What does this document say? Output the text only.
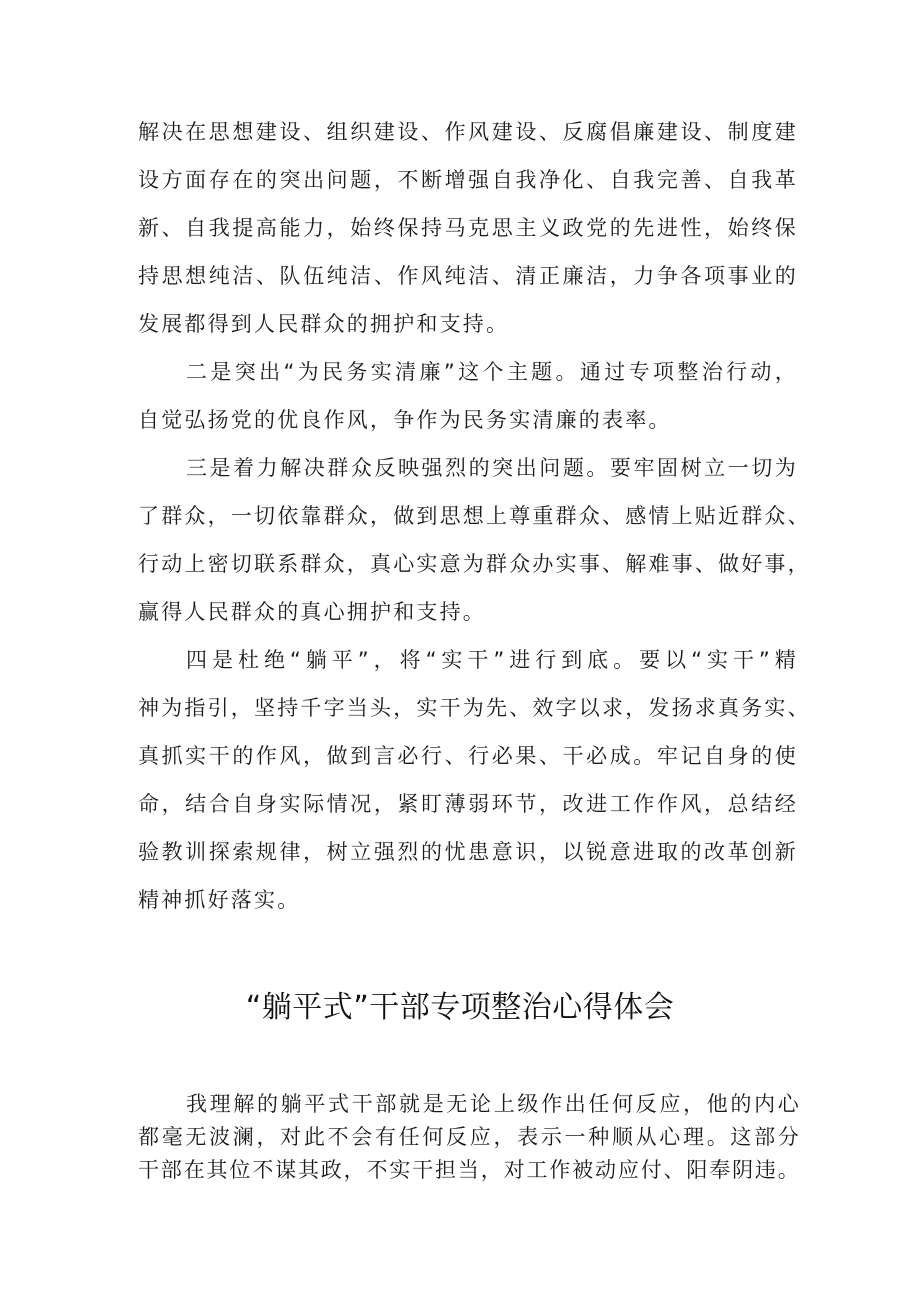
解决在思想建设、组织建设、作风建设、反腐倡廉建设、制度建
设方面存在的突出问题，不断增强自我净化、自我完善、自我革
新、自我提高能力，始终保持马克思主义政党的先进性，始终保
持思想纯洁、队伍纯洁、作风纯洁、清正廉洁，力争各项事业的
发展都得到人民群众的拥护和支持。
二是突出“为民务实清廉”这个主题。通过专项整治行动，
自觉弘扬党的优良作风，争作为民务实清廉的表率。
三是着力解决群众反映强烈的突出问题。要牢固树立一切为
了群众，一切依靠群众，做到思想上尊重群众、感情上贴近群众、
行动上密切联系群众，真心实意为群众办实事、解难事、做好事，
赢得人民群众的真心拥护和支持。
四是杜绝“躺平”，将“实干”进行到底。要以“实干”精
神为指引，坚持千字当头，实干为先、效字以求，发扬求真务实、
真抓实干的作风，做到言必行、行必果、干必成。牢记自身的使
命，结合自身实际情况，紧盯薄弱环节，改进工作作风，总结经
验教训探索规律，树立强烈的忧患意识，以锐意进取的改革创新
精神抓好落实。
“躺平式”干部专项整治心得体会
我理解的躺平式干部就是无论上级作出任何反应，他的内心
都毫无波澜，对此不会有任何反应，表示一种顺从心理。这部分
干部在其位不谋其政，不实干担当，对工作被动应付、阳奉阴违。
